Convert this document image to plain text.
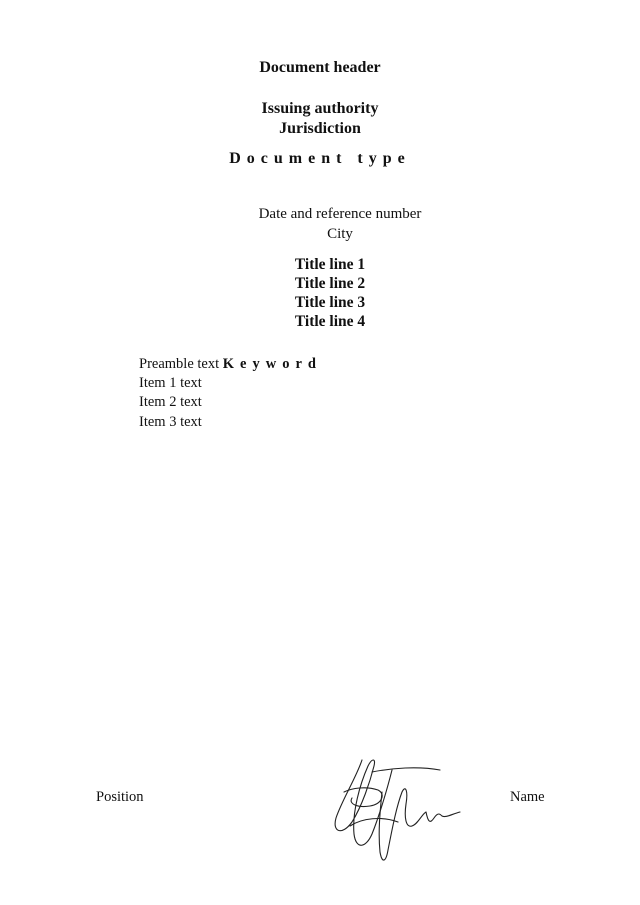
Document header
Issuing authority
Jurisdiction
Document type
Date and reference number
City
Title line 1
Title line 2
Title line 3
Title line 4

Preamble text Keyword

Item 1 text

Item 2 text

Item 3 text

Position	Name
